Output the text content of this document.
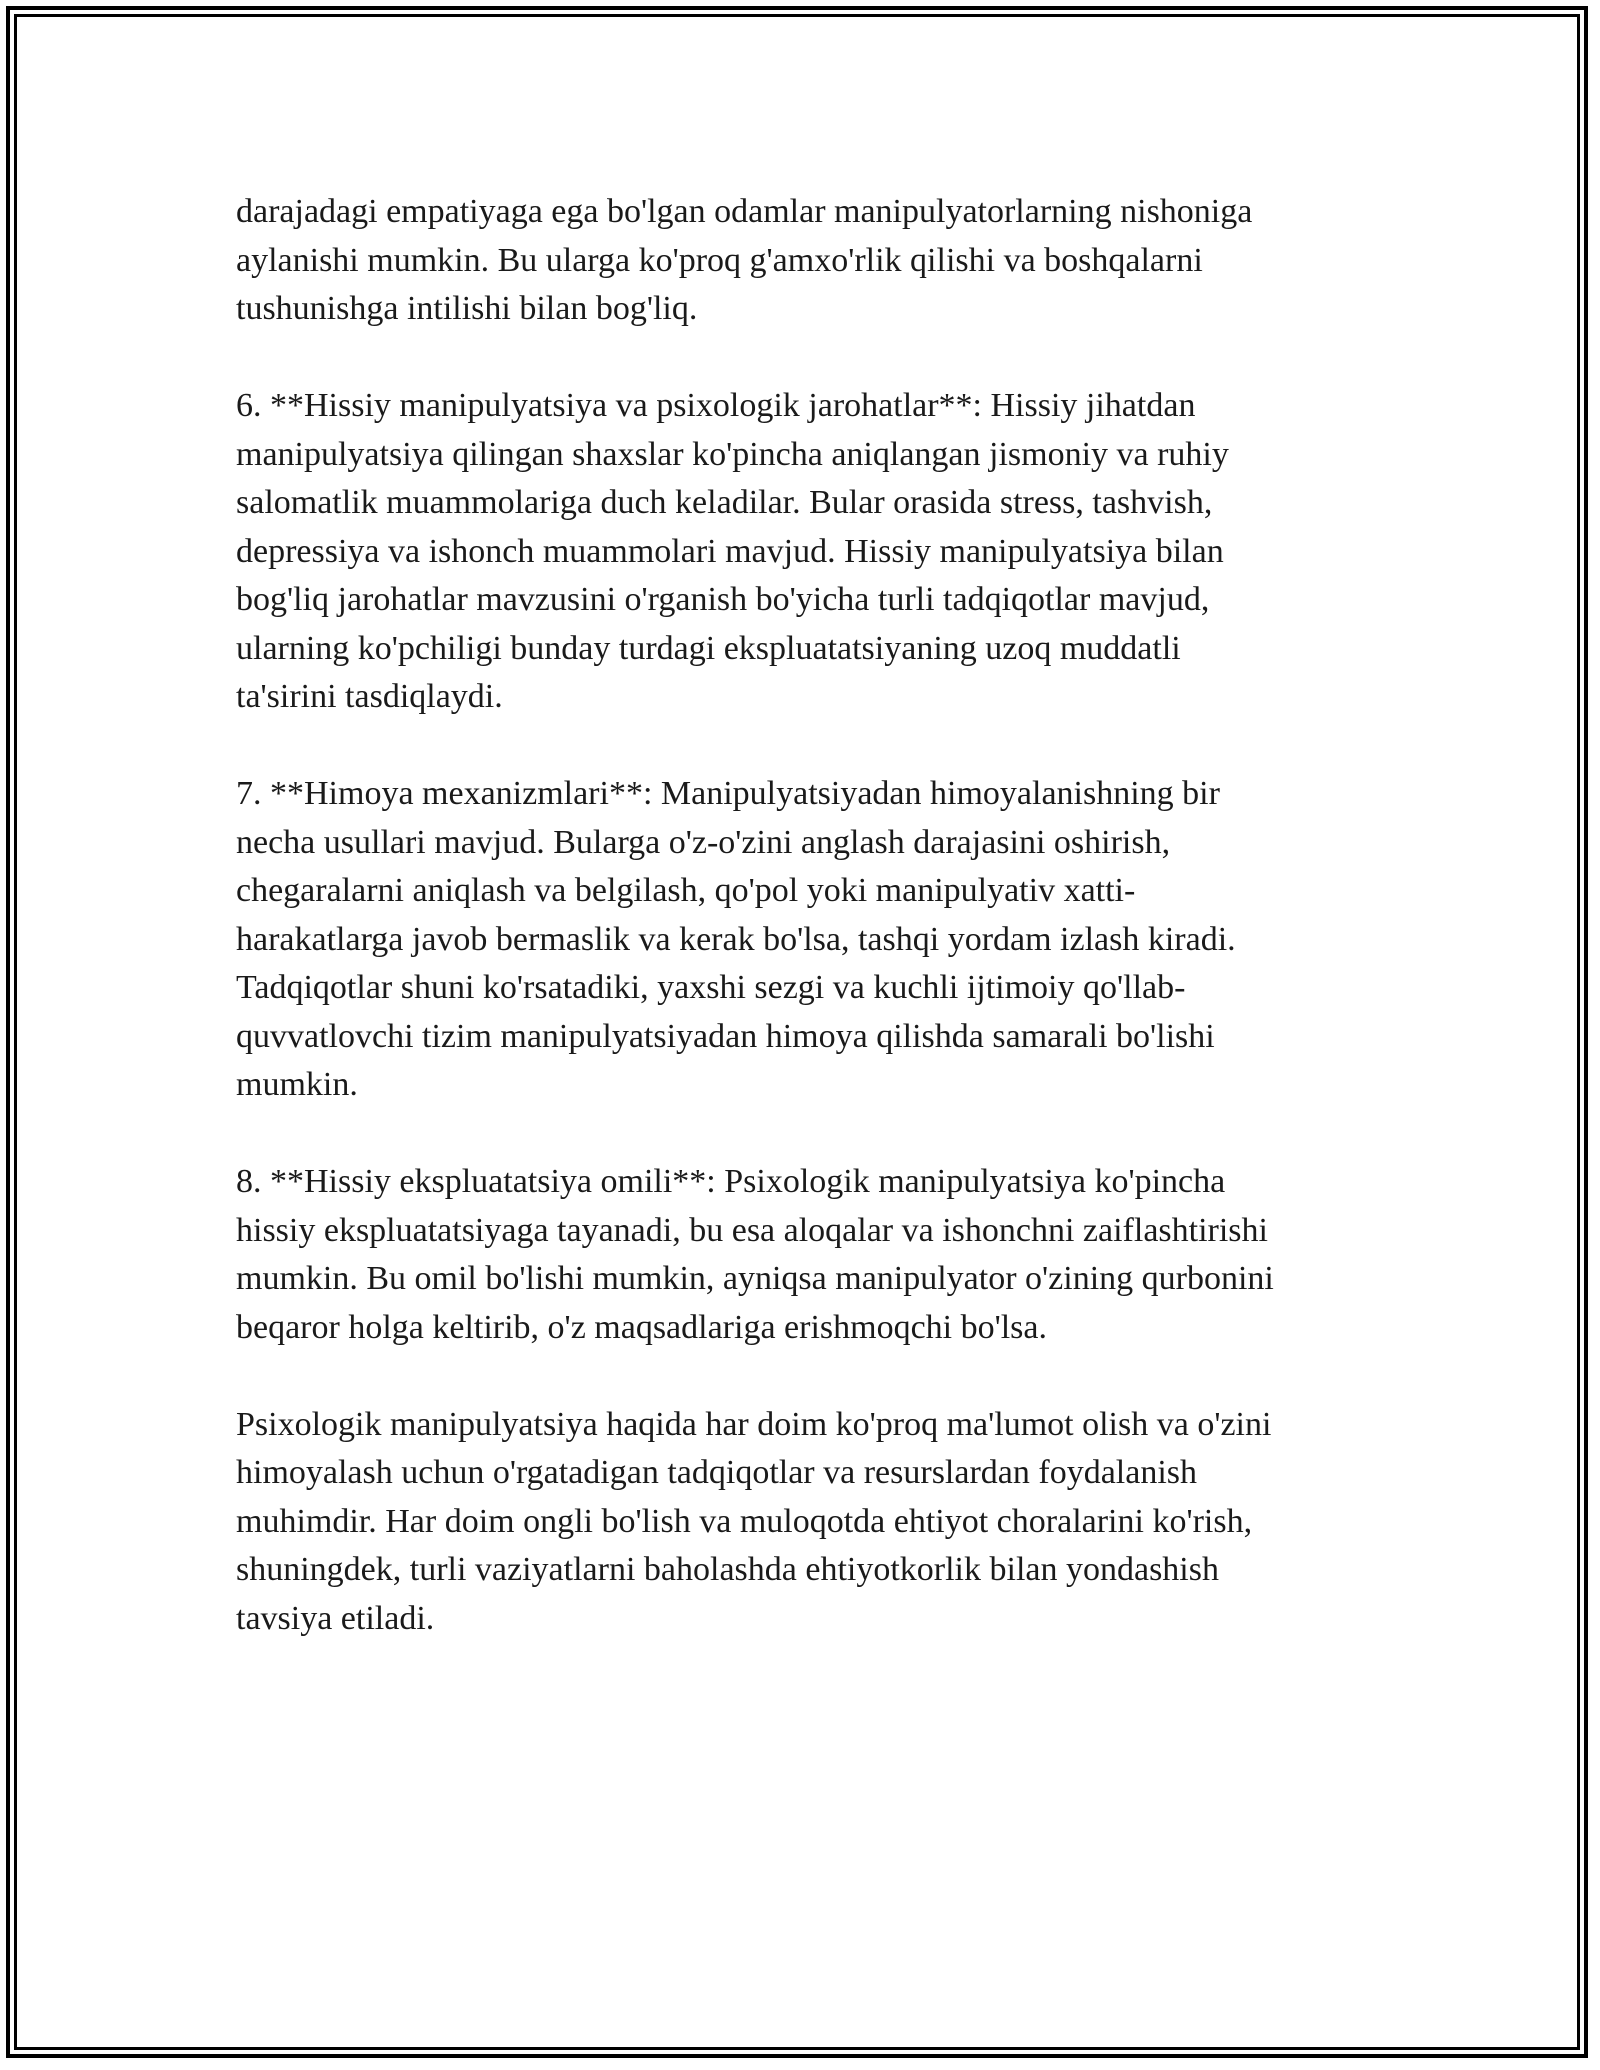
darajadagi empatiyaga ega bo'lgan odamlar manipulyatorlarning nishoniga
aylanishi mumkin. Bu ularga ko'proq g'amxo'rlik qilishi va boshqalarni
tushunishga intilishi bilan bog'liq.

6. **Hissiy manipulyatsiya va psixologik jarohatlar**: Hissiy jihatdan
manipulyatsiya qilingan shaxslar ko'pincha aniqlangan jismoniy va ruhiy
salomatlik muammolariga duch keladilar. Bular orasida stress, tashvish,
depressiya va ishonch muammolari mavjud. Hissiy manipulyatsiya bilan
bog'liq jarohatlar mavzusini o'rganish bo'yicha turli tadqiqotlar mavjud,
ularning ko'pchiligi bunday turdagi ekspluatatsiyaning uzoq muddatli
ta'sirini tasdiqlaydi.

7. **Himoya mexanizmlari**: Manipulyatsiyadan himoyalanishning bir
necha usullari mavjud. Bularga o'z-o'zini anglash darajasini oshirish,
chegaralarni aniqlash va belgilash, qo'pol yoki manipulyativ xatti-
harakatlarga javob bermaslik va kerak bo'lsa, tashqi yordam izlash kiradi.
Tadqiqotlar shuni ko'rsatadiki, yaxshi sezgi va kuchli ijtimoiy qo'llab-
quvvatlovchi tizim manipulyatsiyadan himoya qilishda samarali bo'lishi
mumkin.

8. **Hissiy ekspluatatsiya omili**: Psixologik manipulyatsiya ko'pincha
hissiy ekspluatatsiyaga tayanadi, bu esa aloqalar va ishonchni zaiflashtirishi
mumkin. Bu omil bo'lishi mumkin, ayniqsa manipulyator o'zining qurbonini
beqaror holga keltirib, o'z maqsadlariga erishmoqchi bo'lsa.

Psixologik manipulyatsiya haqida har doim ko'proq ma'lumot olish va o'zini
himoyalash uchun o'rgatadigan tadqiqotlar va resurslardan foydalanish
muhimdir. Har doim ongli bo'lish va muloqotda ehtiyot choralarini ko'rish,
shuningdek, turli vaziyatlarni baholashda ehtiyotkorlik bilan yondashish
tavsiya etiladi.
